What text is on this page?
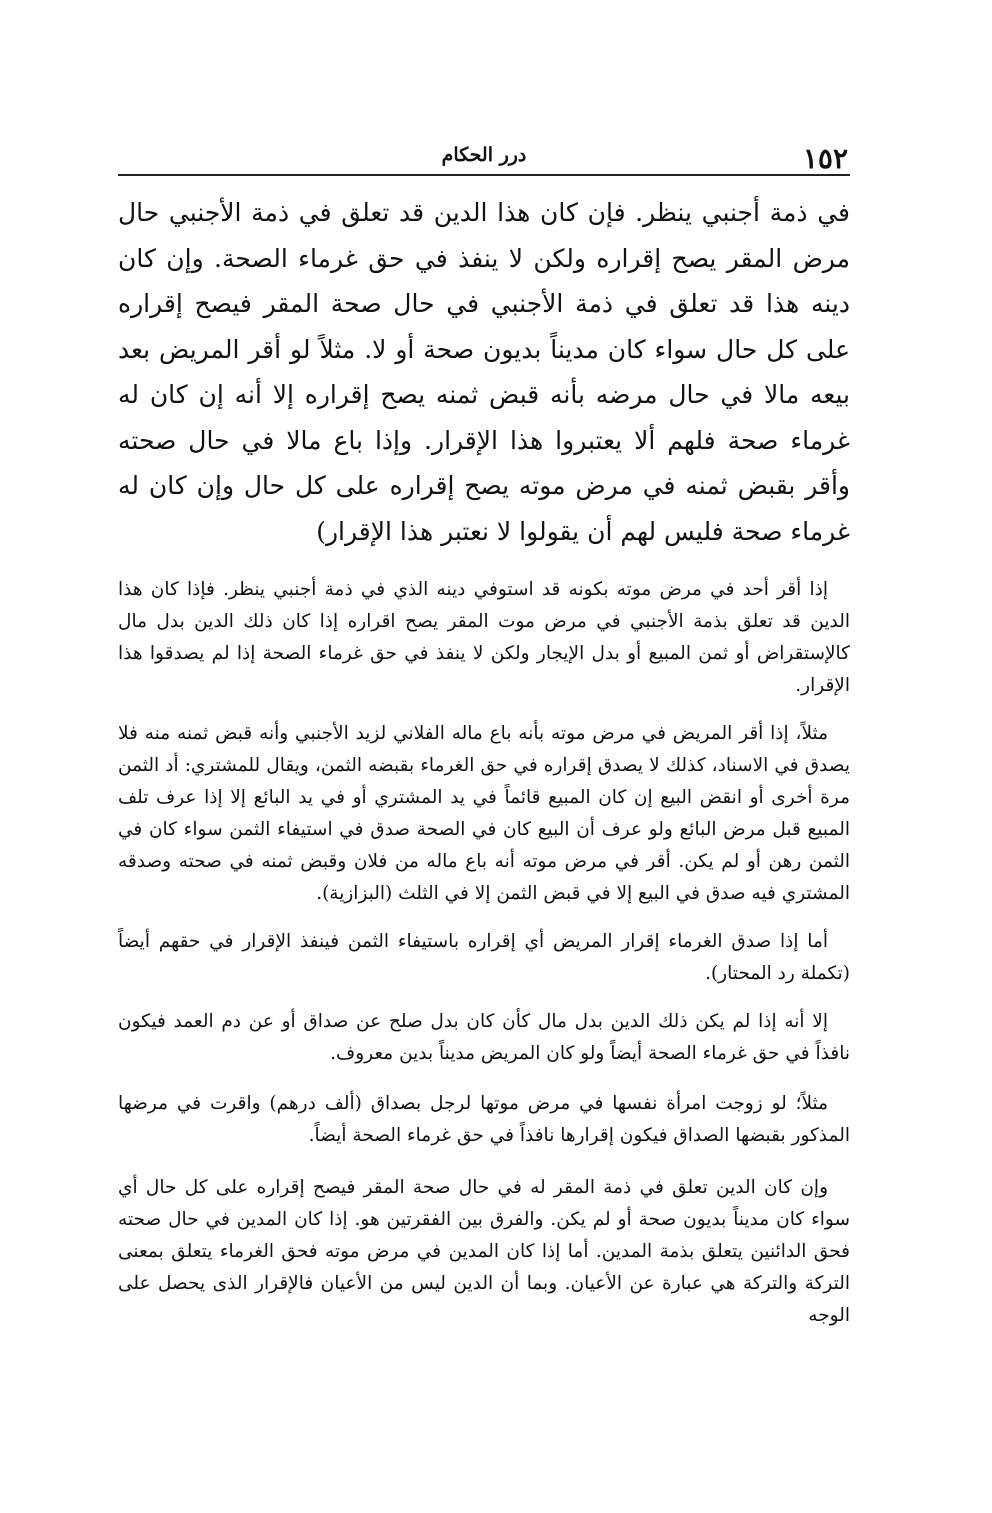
١٥٢
درر الحكام

في ذمة أجنبي ينظر. فإن كان هذا الدين قد تعلق في ذمة الأجنبي حال مرض المقر يصح إقراره ولكن لا ينفذ في حق غرماء الصحة. وإن كان دينه هذا قد تعلق في ذمة الأجنبي في حال صحة المقر فيصح إقراره على كل حال سواء كان مديناً بديون صحة أو لا. مثلاً لو أقر المريض بعد بيعه مالا في حال مرضه بأنه قبض ثمنه يصح إقراره إلا أنه إن كان له غرماء صحة فلهم ألا يعتبروا هذا الإقرار. وإذا باع مالا في حال صحته وأقر بقبض ثمنه في مرض موته يصح إقراره على كل حال وإن كان له غرماء صحة فليس لهم أن يقولوا لا نعتبر هذا الإقرار)

إذا أقر أحد في مرض موته بكونه قد استوفي دينه الذي في ذمة أجنبي ينظر. فإذا كان هذا الدين قد تعلق بذمة الأجنبي في مرض موت المقر يصح اقراره إذا كان ذلك الدين بدل مال كالإستقراض أو ثمن المبيع أو بدل الإيجار ولكن لا ينفذ في حق غرماء الصحة إذا لم يصدقوا هذا الإقرار.

مثلاً، إذا أقر المريض في مرض موته بأنه باع ماله الفلاني لزيد الأجنبي وأنه قبض ثمنه منه فلا يصدق في الاسناد، كذلك لا يصدق إقراره في حق الغرماء بقبضه الثمن، ويقال للمشتري: أد الثمن مرة أخرى أو انقض البيع إن كان المبيع قائماً في يد المشتري أو في يد البائع إلا إذا عرف تلف المبيع قبل مرض البائع ولو عرف أن البيع كان في الصحة صدق في استيفاء الثمن سواء كان في الثمن رهن أو لم يكن. أقر في مرض موته أنه باع ماله من فلان وقبض ثمنه في صحته وصدقه المشتري فيه صدق في البيع إلا في قبض الثمن إلا في الثلث (البزازية).

أما إذا صدق الغرماء إقرار المريض أي إقراره باستيفاء الثمن فينفذ الإقرار في حقهم أيضاً (تكملة رد المحتار).

إلا أنه إذا لم يكن ذلك الدين بدل مال كأن كان بدل صلح عن صداق أو عن دم العمد فيكون نافذاً في حق غرماء الصحة أيضاً ولو كان المريض مديناً بدين معروف.

مثلاً؛ لو زوجت امرأة نفسها في مرض موتها لرجل بصداق (ألف درهم) واقرت في مرضها المذكور بقبضها الصداق فيكون إقرارها نافذاً في حق غرماء الصحة أيضاً.

وإن كان الدين تعلق في ذمة المقر له في حال صحة المقر فيصح إقراره على كل حال أي سواء كان مديناً بديون صحة أو لم يكن. والفرق بين الفقرتين هو. إذا كان المدين في حال صحته فحق الدائنين يتعلق بذمة المدين. أما إذا كان المدين في مرض موته فحق الغرماء يتعلق بمعنى التركة والتركة هي عبارة عن الأعيان. وبما أن الدين ليس من الأعيان فالإقرار الذى يحصل على الوجه
